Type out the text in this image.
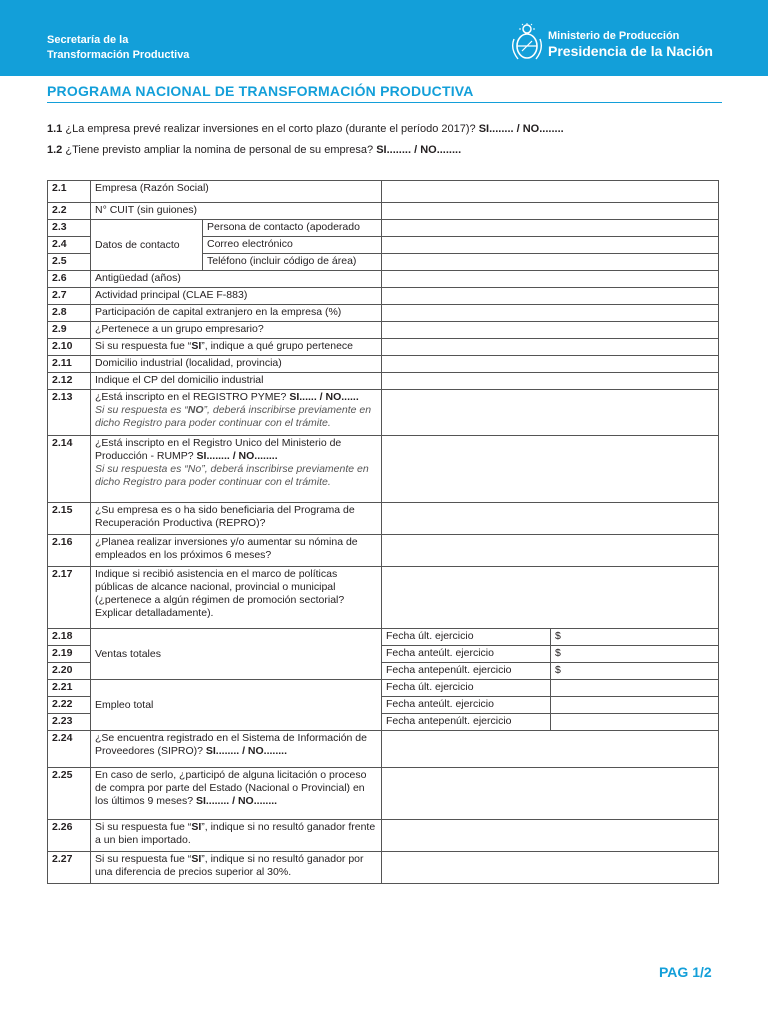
Secretaría de la
Transformación Productiva
Ministerio de Producción
Presidencia de la Nación
PROGRAMA NACIONAL DE TRANSFORMACIÓN PRODUCTIVA
1.1 ¿La empresa prevé realizar inversiones en el corto plazo (durante el período 2017)? SI........ / NO........
1.2 ¿Tiene previsto ampliar la nomina de personal de su empresa? SI........ / NO........
2.1	Empresa (Razón Social)			
2.2	N° CUIT (sin guiones)			
2.3	Datos de contacto	Persona de contacto (apoderado		
2.4		Correo electrónico		
2.5		Teléfono (incluir código de área)		
2.6	Antigüedad (años)			
2.7	Actividad principal (CLAE F-883)			
2.8	Participación de capital extranjero en la empresa (%)			
2.9	¿Pertenece a un grupo empresario?			
2.10	Si su respuesta fue “SI”, indique a qué grupo pertenece			
2.11	Domicilio industrial (localidad, provincia)			
2.12	Indique el CP del domicilio industrial			
2.13	¿Está inscripto en el REGISTRO PYME? SI...... / NO......
Si su respuesta es “NO”, deberá inscribirse previamente en dicho Registro para poder continuar con el trámite.			
2.14	¿Está inscripto en el Registro Unico del Ministerio de Producción - RUMP? SI........ / NO........
Si su respuesta es “No”, deberá inscribirse previamente en dicho Registro para poder continuar con el trámite.			
2.15	¿Su empresa es o ha sido beneficiaria del Programa de Recuperación Productiva (REPRO)?			
2.16	¿Planea realizar inversiones y/o aumentar su nómina de empleados en los próximos 6 meses?			
2.17	Indique si recibió asistencia en el marco de políticas públicas de alcance nacional, provincial o municipal (¿pertenece a algún régimen de promoción sectorial? Explicar detalladamente).			
2.18	Ventas totales		Fecha últ. ejercicio	$
2.19			Fecha anteúlt. ejercicio	$
2.20			Fecha antepenúlt. ejercicio	$
2.21	Empleo total		Fecha últ. ejercicio	
2.22			Fecha anteúlt. ejercicio	
2.23			Fecha antepenúlt. ejercicio	
2.24	¿Se encuentra registrado en el Sistema de Información de Proveedores (SIPRO)? SI........ / NO........			
2.25	En caso de serlo, ¿participó de alguna licitación o proceso de compra por parte del Estado (Nacional o Provincial) en los últimos 9 meses? SI........ / NO........			
2.26	Si su respuesta fue “SI”, indique si no resultó ganador frente a un bien importado.			
2.27	Si su respuesta fue “SI”, indique si no resultó ganador por una diferencia de precios superior al 30%.			
PAG 1/2
